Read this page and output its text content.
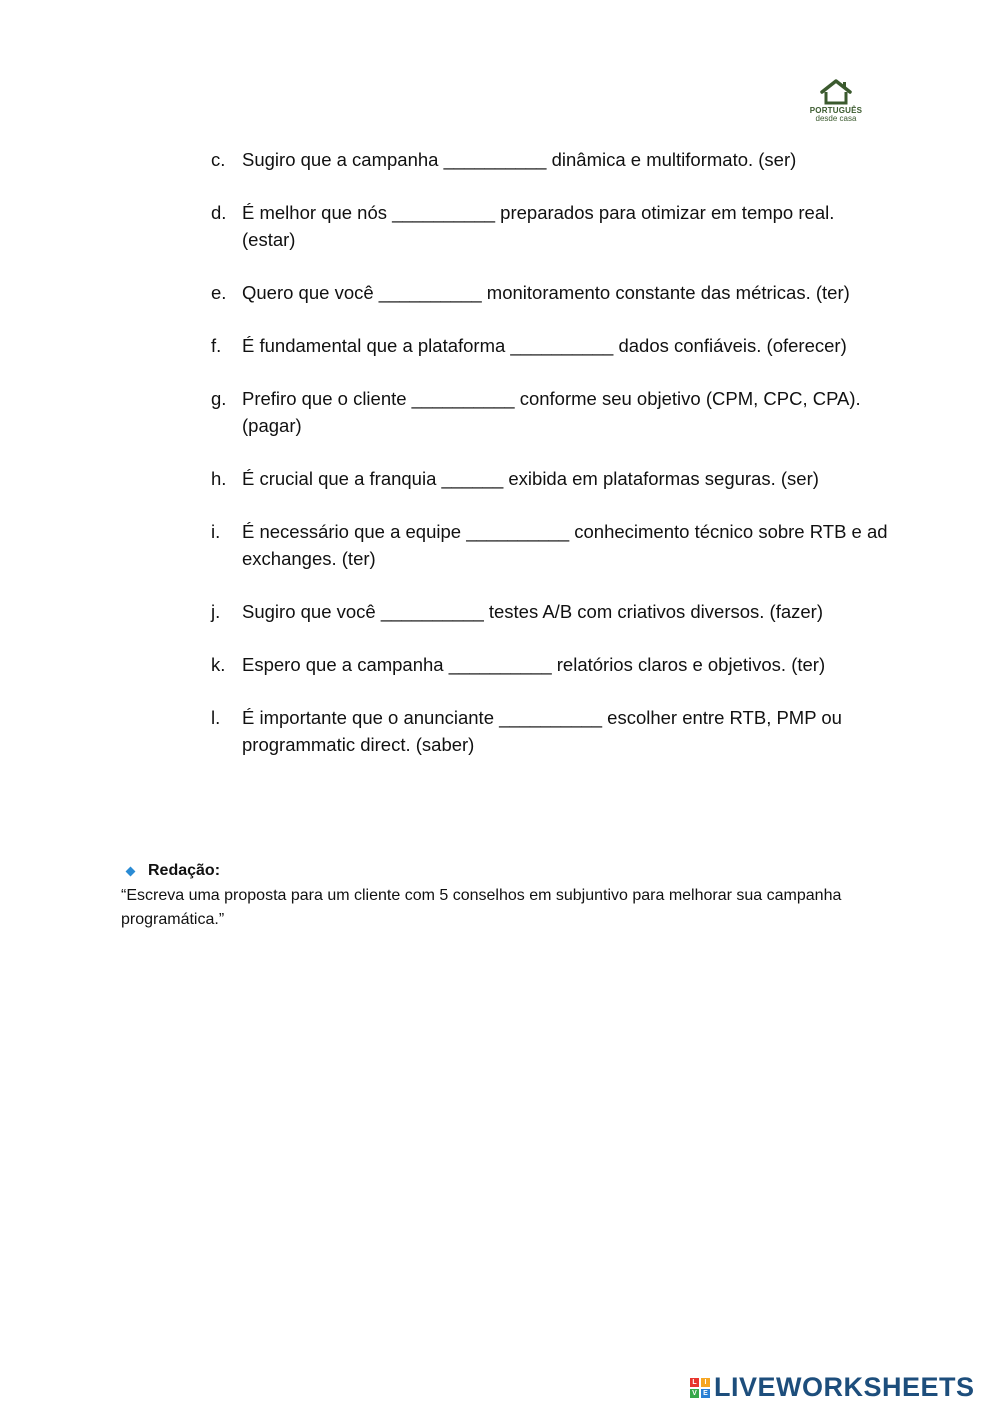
PORTUGUÊS
desde casa
c. Sugiro que a campanha __________ dinâmica e multiformato. (ser)
d. É melhor que nós __________ preparados para otimizar em tempo real. (estar)
e. Quero que você __________ monitoramento constante das métricas. (ter)
f.	É fundamental que a plataforma __________ dados confiáveis. (oferecer)
g. Prefiro que o cliente __________ conforme seu objetivo (CPM, CPC, CPA). (pagar)
h. É crucial que a franquia ______ exibida em plataformas seguras. (ser)
i.	É necessário que a equipe __________ conhecimento técnico sobre RTB e ad exchanges. (ter)
j.	Sugiro que você __________ testes A/B com criativos diversos. (fazer)
k. Espero que a campanha __________ relatórios claros e objetivos. (ter)
l.	É importante que o anunciante __________ escolher entre RTB, PMP ou programmatic direct. (saber)
Redação:
“Escreva uma proposta para um cliente com 5 conselhos em subjuntivo para melhorar sua campanha programática.”
L	I
V E LIVEWORKSHEETS
